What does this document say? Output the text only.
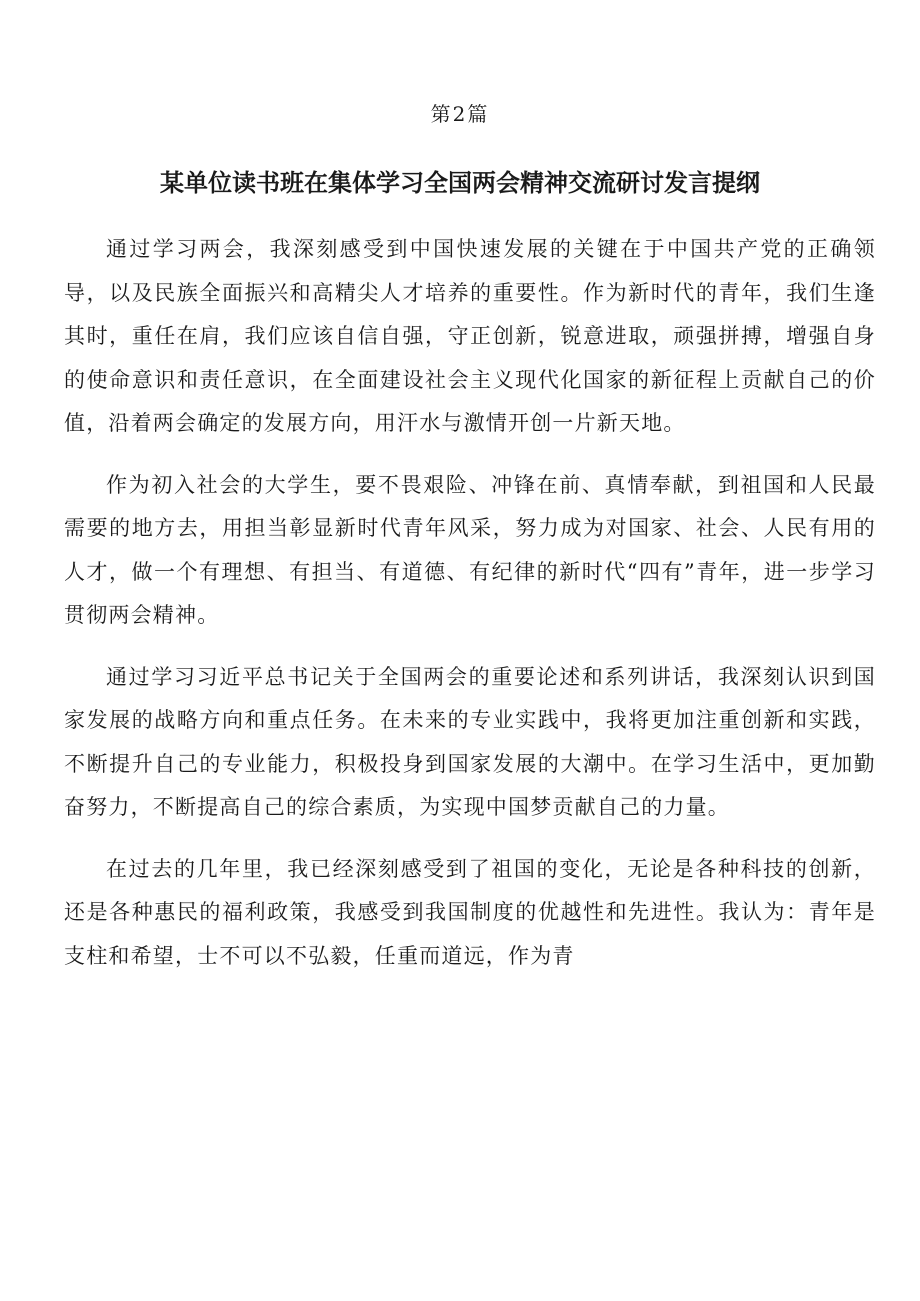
第2篇
某单位读书班在集体学习全国两会精神交流研讨发言提纲

通过学习两会，我深刻感受到中国快速发展的关键在于中国共产党的正确领导，以及民族全面振兴和高精尖人才培养的重要性。作为新时代的青年，我们生逢其时，重任在肩，我们应该自信自强，守正创新，锐意进取，顽强拼搏，增强自身的使命意识和责任意识，在全面建设社会主义现代化国家的新征程上贡献自己的价值，沿着两会确定的发展方向，用汗水与激情开创一片新天地。

作为初入社会的大学生，要不畏艰险、冲锋在前、真情奉献，到祖国和人民最需要的地方去，用担当彰显新时代青年风采，努力成为对国家、社会、人民有用的人才，做一个有理想、有担当、有道德、有纪律的新时代“四有”青年，进一步学习贯彻两会精神。

通过学习习近平总书记关于全国两会的重要论述和系列讲话，我深刻认识到国家发展的战略方向和重点任务。在未来的专业实践中，我将更加注重创新和实践，不断提升自己的专业能力，积极投身到国家发展的大潮中。在学习生活中，更加勤奋努力，不断提高自己的综合素质，为实现中国梦贡献自己的力量。

在过去的几年里，我已经深刻感受到了祖国的变化，无论是各种科技的创新，还是各种惠民的福利政策，我感受到我国制度的优越性和先进性。我认为：青年是支柱和希望，士不可以不弘毅，任重而道远，作为青
